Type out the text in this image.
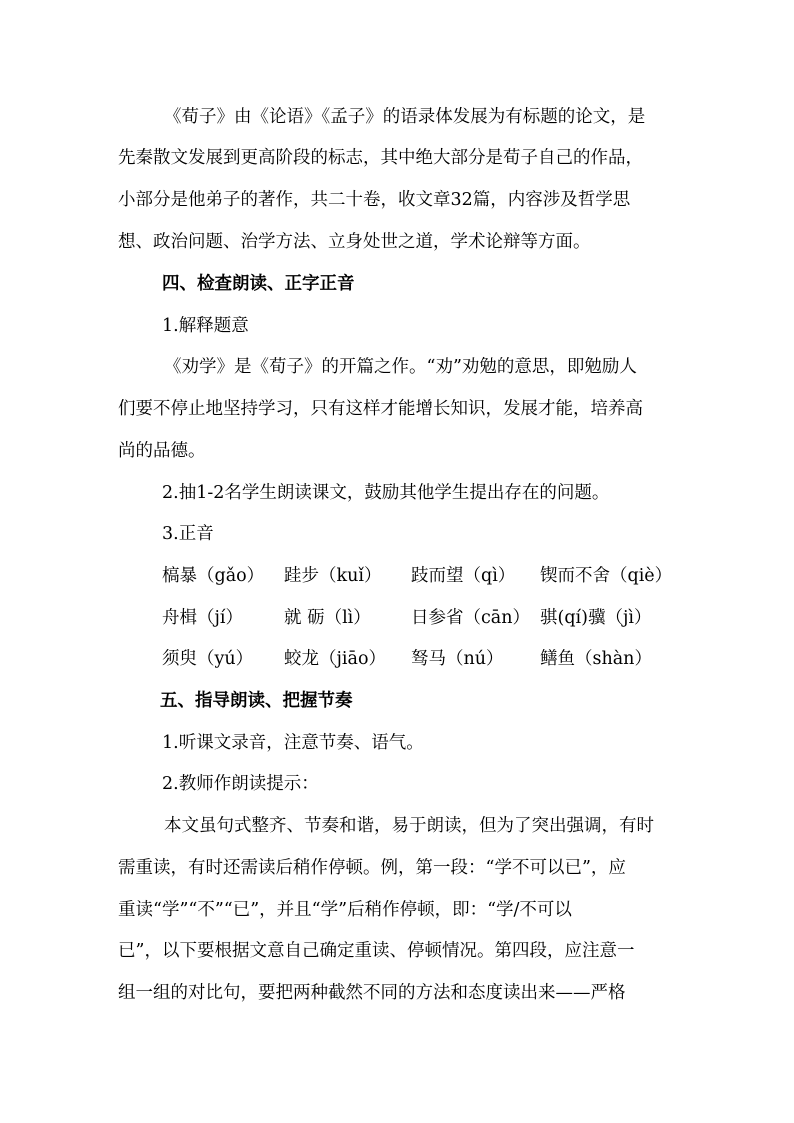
《荀子》由《论语》《孟子》的语录体发展为有标题的论文，是
先秦散文发展到更高阶段的标志，其中绝大部分是荀子自己的作品，
小部分是他弟子的著作，共二十卷，收文章32篇，内容涉及哲学思
想、政治问题、治学方法、立身处世之道，学术论辩等方面。
四、检查朗读、正字正音
1.解释题意
《劝学》是《荀子》的开篇之作。“劝”劝勉的意思，即勉励人
们要不停止地坚持学习，只有这样才能增长知识，发展才能，培养高
尚的品德。
2.抽1-2名学生朗读课文，鼓励其他学生提出存在的问题。
3.正音
槁暴（gǎo） 跬步（kuǐ） 跂而望（qì） 锲而不舍（qiè）
舟楫（jí） 就 砺（lì） 日参省（cān） 骐(qí)骥（jì）
须臾（yú） 蛟龙（jiāo） 驽马（nú） 鳝鱼（shàn）
五、指导朗读、把握节奏
1.听课文录音，注意节奏、语气。
2.教师作朗读提示：
本文虽句式整齐、节奏和谐，易于朗读，但为了突出强调，有时
需重读，有时还需读后稍作停顿。例，第一段：“学不可以已”，应
重读“学”“不”“已”，并且“学”后稍作停顿，即：“学/不可以
已”，以下要根据文意自己确定重读、停顿情况。第四段，应注意一
组一组的对比句，要把两种截然不同的方法和态度读出来——严格
